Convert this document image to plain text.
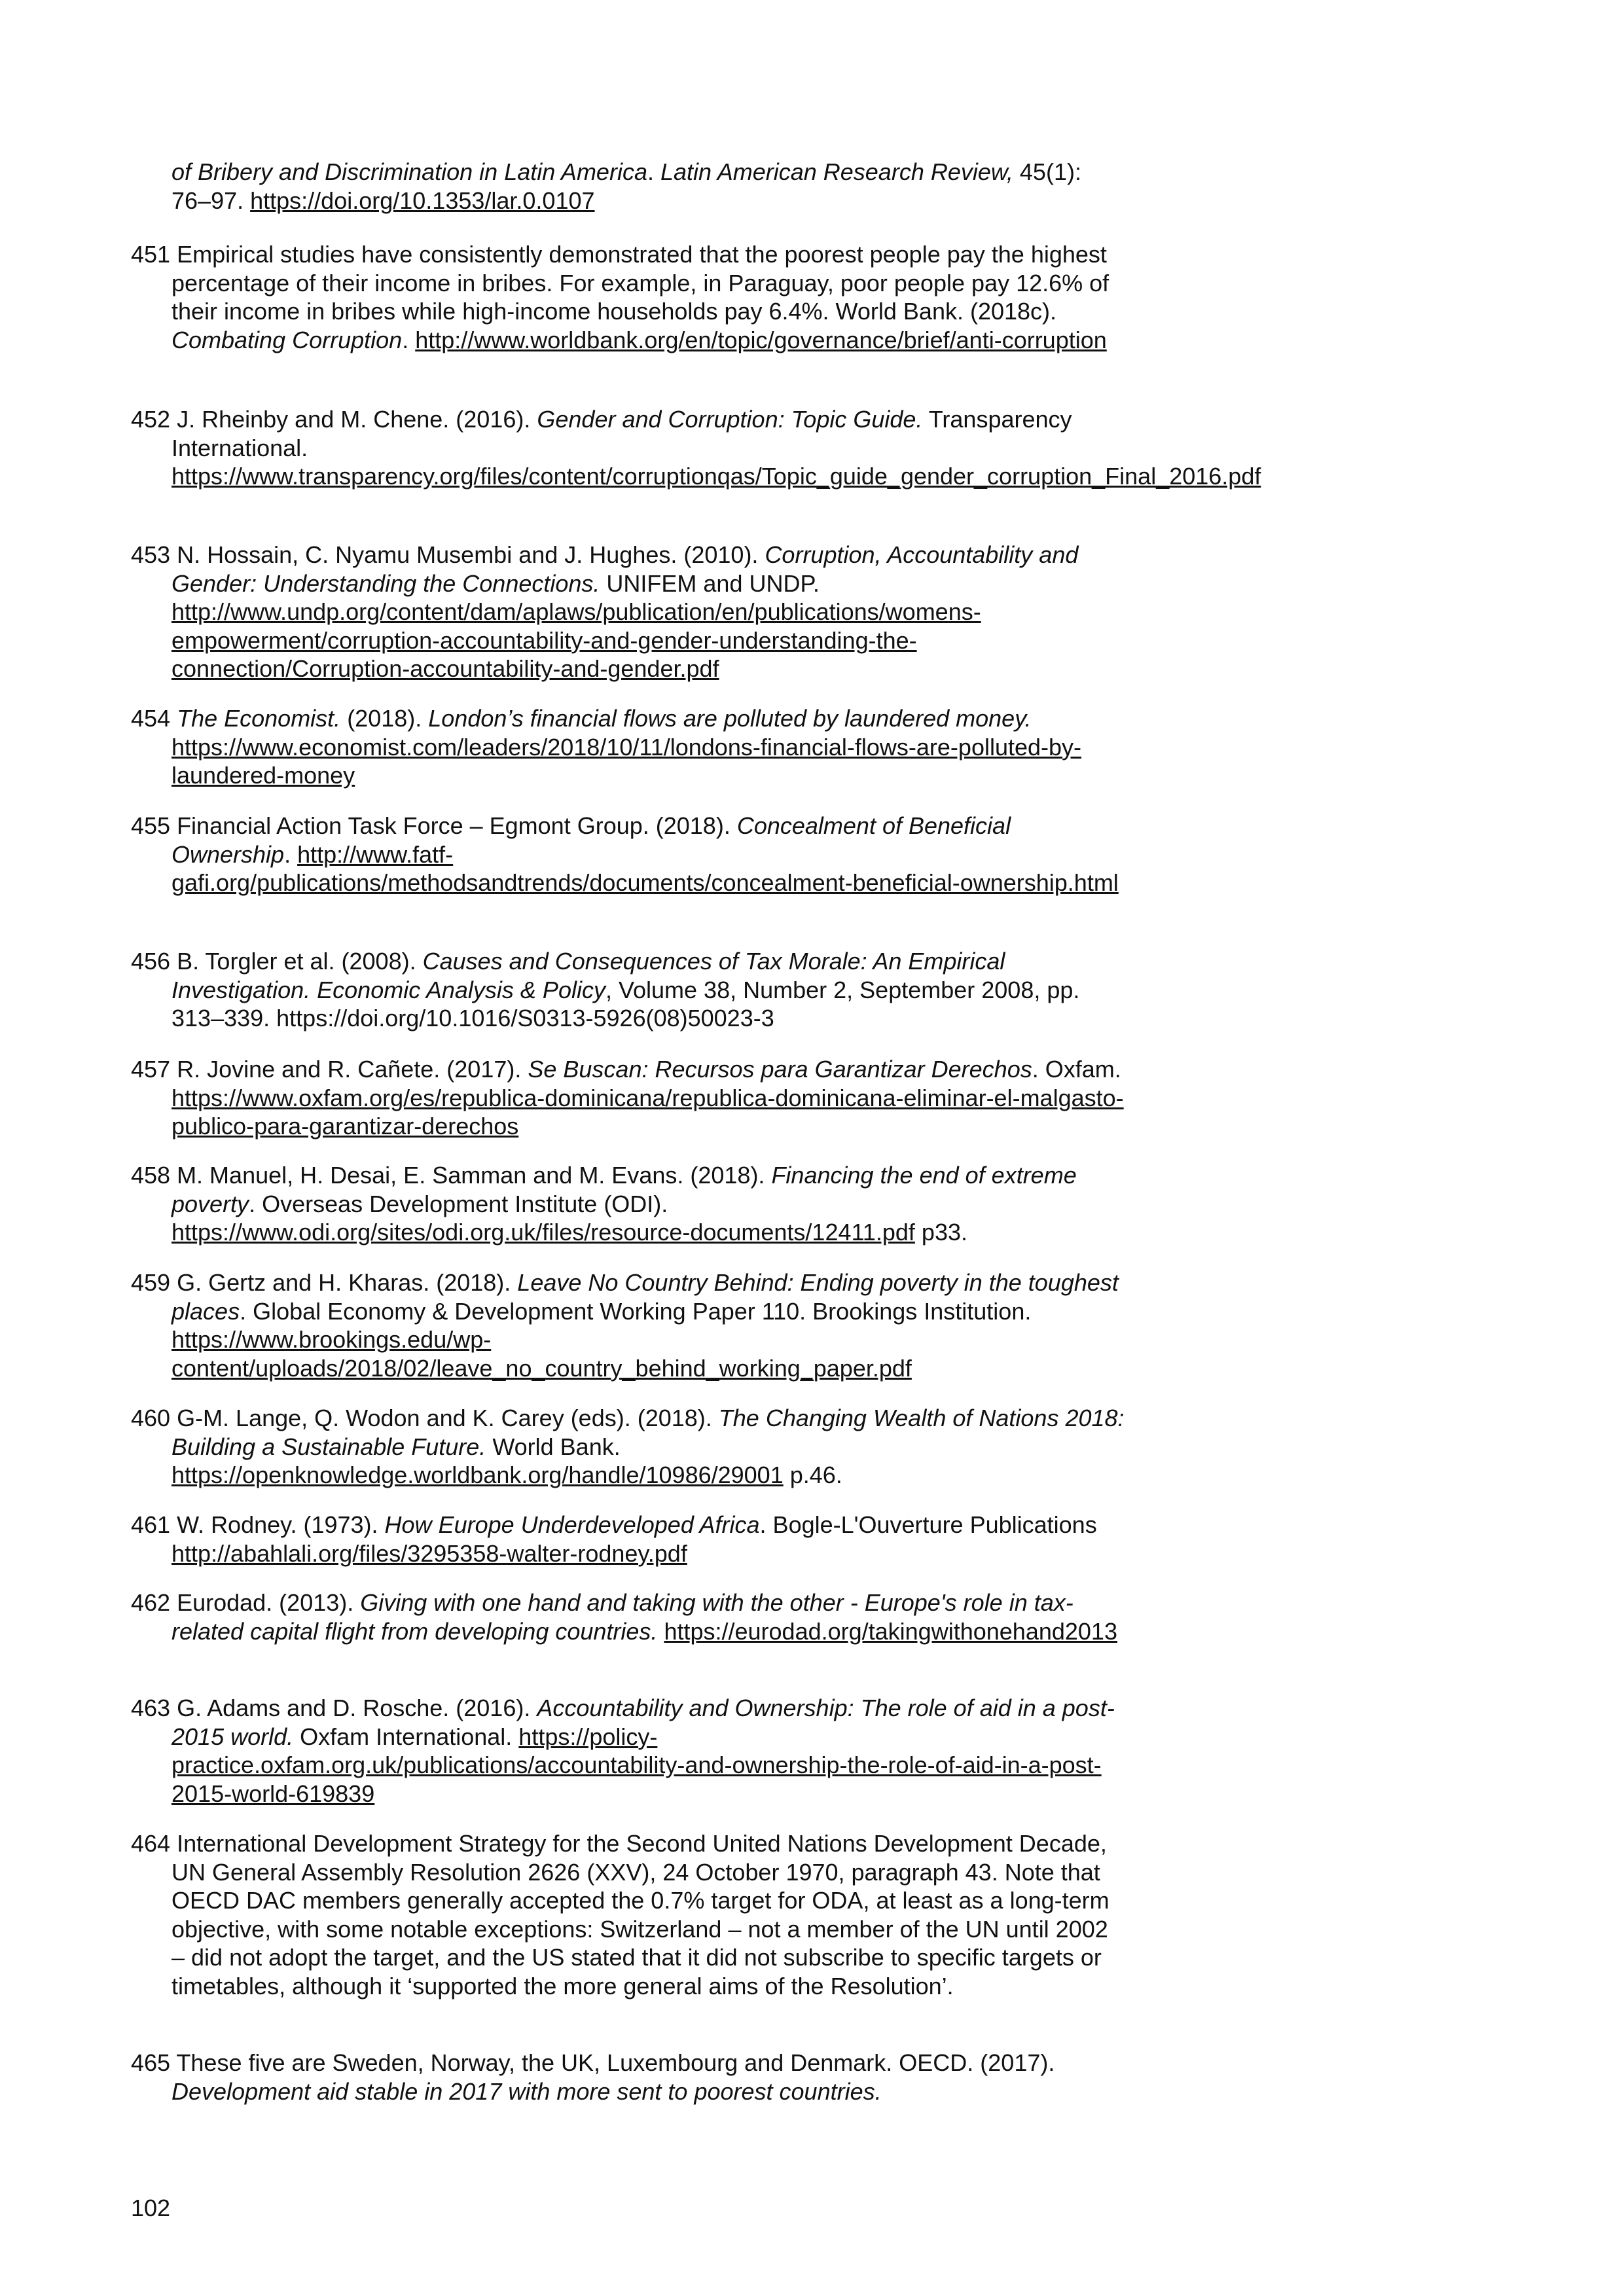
of Bribery and Discrimination in Latin America. Latin American Research Review, 45(1): 76–97. https://doi.org/10.1353/lar.0.0107
451 Empirical studies have consistently demonstrated that the poorest people pay the highest percentage of their income in bribes. For example, in Paraguay, poor people pay 12.6% of their income in bribes while high-income households pay 6.4%. World Bank. (2018c). Combating Corruption. http://www.worldbank.org/en/topic/governance/brief/anti-corruption
452 J. Rheinby and M. Chene. (2016). Gender and Corruption: Topic Guide. Transparency International. https://www.transparency.org/files/content/corruptionqas/Topic_guide_gender_corruption_Final_2016.pdf
453 N. Hossain, C. Nyamu Musembi and J. Hughes. (2010). Corruption, Accountability and Gender: Understanding the Connections. UNIFEM and UNDP. http://www.undp.org/content/dam/aplaws/publication/en/publications/womens-empowerment/corruption-accountability-and-gender-understanding-the-connection/Corruption-accountability-and-gender.pdf
454 The Economist. (2018). London’s financial flows are polluted by laundered money. https://www.economist.com/leaders/2018/10/11/londons-financial-flows-are-polluted-by-laundered-money
455 Financial Action Task Force – Egmont Group. (2018). Concealment of Beneficial Ownership. http://www.fatf-gafi.org/publications/methodsandtrends/documents/concealment-beneficial-ownership.html
456 B. Torgler et al. (2008). Causes and Consequences of Tax Morale: An Empirical Investigation. Economic Analysis & Policy, Volume 38, Number 2, September 2008, pp. 313–339. https://doi.org/10.1016/S0313-5926(08)50023-3
457 R. Jovine and R. Cañete. (2017). Se Buscan: Recursos para Garantizar Derechos. Oxfam. https://www.oxfam.org/es/republica-dominicana/republica-dominicana-eliminar-el-malgasto-publico-para-garantizar-derechos
458 M. Manuel, H. Desai, E. Samman and M. Evans. (2018). Financing the end of extreme poverty. Overseas Development Institute (ODI). https://www.odi.org/sites/odi.org.uk/files/resource-documents/12411.pdf p33.
459 G. Gertz and H. Kharas. (2018). Leave No Country Behind: Ending poverty in the toughest places. Global Economy & Development Working Paper 110. Brookings Institution. https://www.brookings.edu/wp-content/uploads/2018/02/leave_no_country_behind_working_paper.pdf
460 G-M. Lange, Q. Wodon and K. Carey (eds). (2018). The Changing Wealth of Nations 2018: Building a Sustainable Future. World Bank. https://openknowledge.worldbank.org/handle/10986/29001 p.46.
461 W. Rodney. (1973). How Europe Underdeveloped Africa. Bogle-L'Ouverture Publications http://abahlali.org/files/3295358-walter-rodney.pdf
462 Eurodad. (2013). Giving with one hand and taking with the other - Europe's role in tax-related capital flight from developing countries. https://eurodad.org/takingwithonehand2013
463 G. Adams and D. Rosche. (2016). Accountability and Ownership: The role of aid in a post-2015 world. Oxfam International. https://policy-practice.oxfam.org.uk/publications/accountability-and-ownership-the-role-of-aid-in-a-post-2015-world-619839
464 International Development Strategy for the Second United Nations Development Decade, UN General Assembly Resolution 2626 (XXV), 24 October 1970, paragraph 43. Note that OECD DAC members generally accepted the 0.7% target for ODA, at least as a long-term objective, with some notable exceptions: Switzerland – not a member of the UN until 2002 – did not adopt the target, and the US stated that it did not subscribe to specific targets or timetables, although it ‘supported the more general aims of the Resolution’.
465 These five are Sweden, Norway, the UK, Luxembourg and Denmark. OECD. (2017). Development aid stable in 2017 with more sent to poorest countries.
102
